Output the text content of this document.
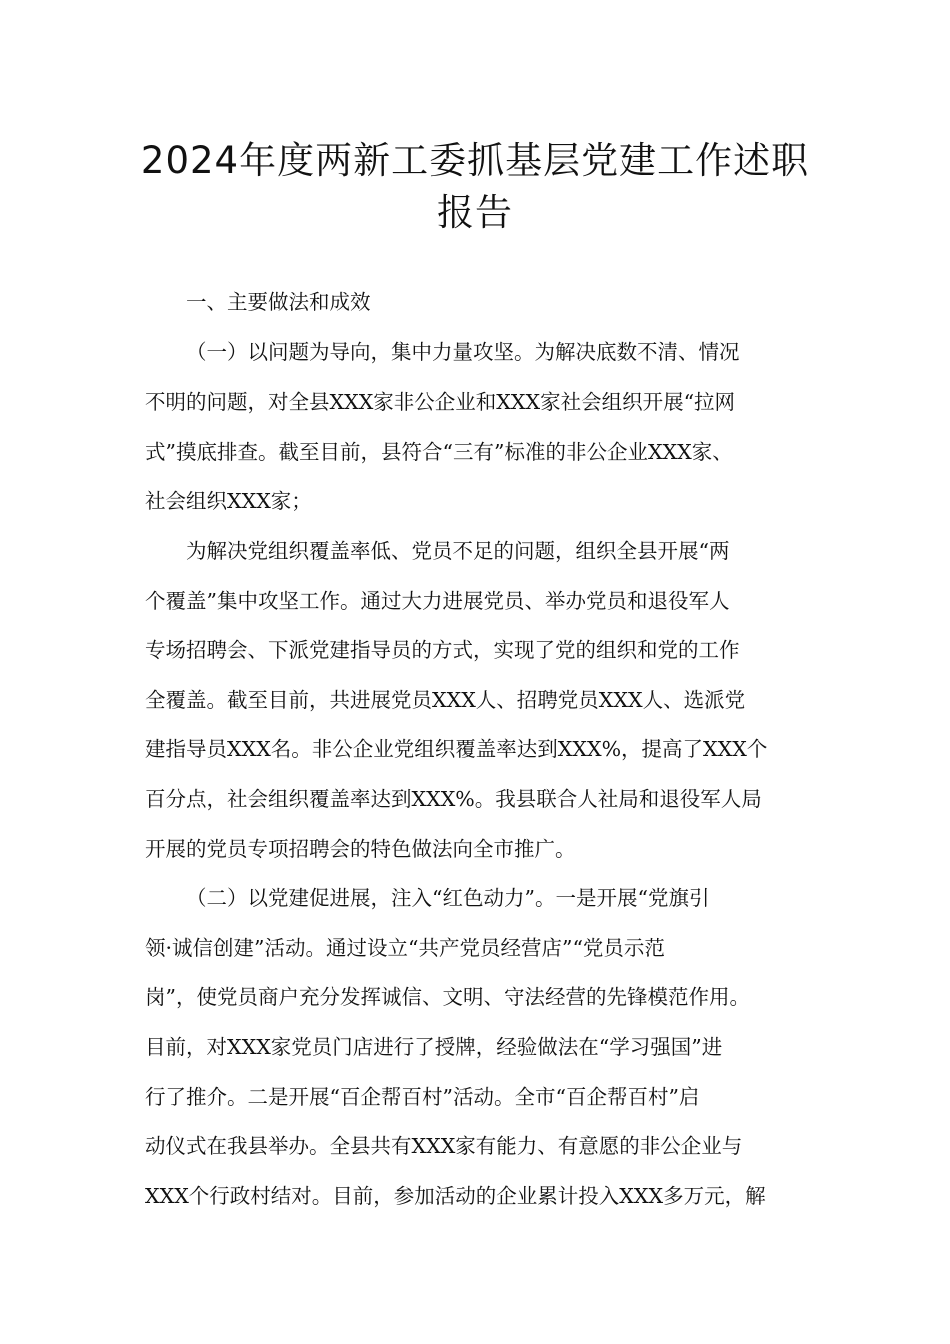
2024年度两新工委抓基层党建工作述职
报告
一、主要做法和成效
（一）以问题为导向，集中力量攻坚。为解决底数不清、情况
不明的问题，对全县XXX家非公企业和XXX家社会组织开展“拉网
式”摸底排查。截至目前，县符合“三有”标准的非公企业XXX家、
社会组织XXX家；
为解决党组织覆盖率低、党员不足的问题，组织全县开展“两
个覆盖”集中攻坚工作。通过大力进展党员、举办党员和退役军人
专场招聘会、下派党建指导员的方式，实现了党的组织和党的工作
全覆盖。截至目前，共进展党员XXX人、招聘党员XXX人、选派党
建指导员XXX名。非公企业党组织覆盖率达到XXX%，提高了XXX个
百分点，社会组织覆盖率达到XXX%。我县联合人社局和退役军人局
开展的党员专项招聘会的特色做法向全市推广。
（二）以党建促进展，注入“红色动力”。一是开展“党旗引
领·诚信创建”活动。通过设立“共产党员经营店”“党员示范
岗”，使党员商户充分发挥诚信、文明、守法经营的先锋模范作用。
目前，对XXX家党员门店进行了授牌，经验做法在“学习强国”进
行了推介。二是开展“百企帮百村”活动。全市“百企帮百村”启
动仪式在我县举办。全县共有XXX家有能力、有意愿的非公企业与
XXX个行政村结对。目前，参加活动的企业累计投入XXX多万元，解
